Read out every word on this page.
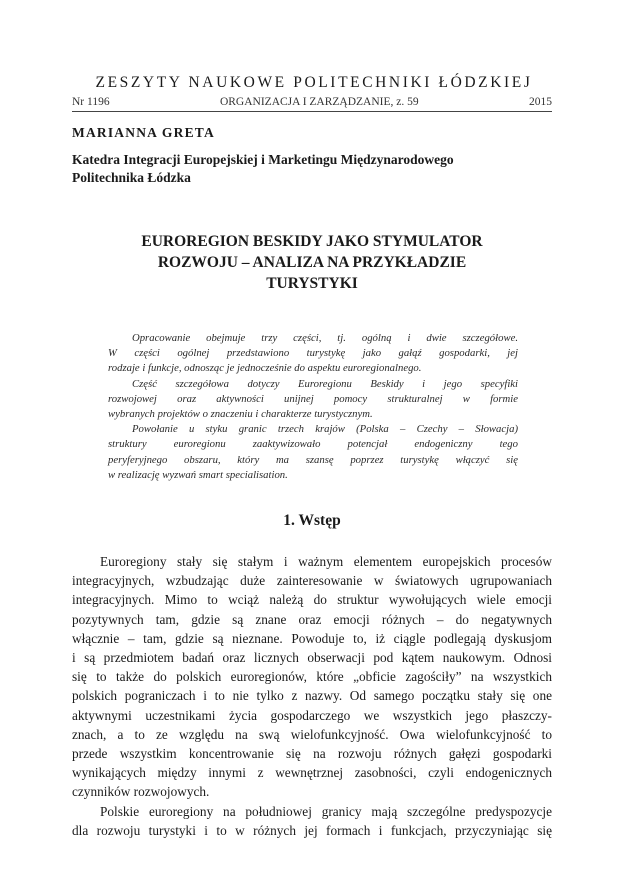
ZESZYTY NAUKOWE POLITECHNIKI ŁÓDZKIEJ
Nr 1196	ORGANIZACJA I ZARZĄDZANIE, z. 59	2015
MARIANNA GRETA
Katedra Integracji Europejskiej i Marketingu Międzynarodowego
Politechnika Łódzka
EUROREGION BESKIDY JAKO STYMULATOR
ROZWOJU – ANALIZA NA PRZYKŁADZIE
TURYSTYKI
Opracowanie obejmuje trzy części, tj. ogólną i dwie szczegółowe.
W części ogólnej przedstawiono turystykę jako gałąź gospodarki, jej
rodzaje i funkcje, odnosząc je jednocześnie do aspektu euroregionalnego.
Część szczegółowa dotyczy Euroregionu Beskidy i jego specyfiki
rozwojowej oraz aktywności unijnej pomocy strukturalnej w formie
wybranych projektów o znaczeniu i charakterze turystycznym.
Powołanie u styku granic trzech krajów (Polska – Czechy – Słowacja)
struktury euroregionu zaaktywizowało potencjał endogeniczny tego
peryferyjnego obszaru, który ma szansę poprzez turystykę włączyć się
w realizację wyzwań smart specialisation.
1. Wstęp
Euroregiony stały się stałym i ważnym elementem europejskich procesów
integracyjnych, wzbudzając duże zainteresowanie w światowych ugrupowaniach
integracyjnych. Mimo to wciąż należą do struktur wywołujących wiele emocji
pozytywnych tam, gdzie są znane oraz emocji różnych – do negatywnych
włącznie – tam, gdzie są nieznane. Powoduje to, iż ciągle podlegają dyskusjom
i są przedmiotem badań oraz licznych obserwacji pod kątem naukowym. Odnosi
się to także do polskich euroregionów, które „obficie zagościły” na wszystkich
polskich pograniczach i to nie tylko z nazwy. Od samego początku stały się one
aktywnymi uczestnikami życia gospodarczego we wszystkich jego płaszczy-
znach, a to ze względu na swą wielofunkcyjność. Owa wielofunkcyjność to
przede wszystkim koncentrowanie się na rozwoju różnych gałęzi gospodarki
wynikających między innymi z wewnętrznej zasobności, czyli endogenicznych
czynników rozwojowych.
Polskie euroregiony na południowej granicy mają szczególne predyspozycje
dla rozwoju turystyki i to w różnych jej formach i funkcjach, przyczyniając się
